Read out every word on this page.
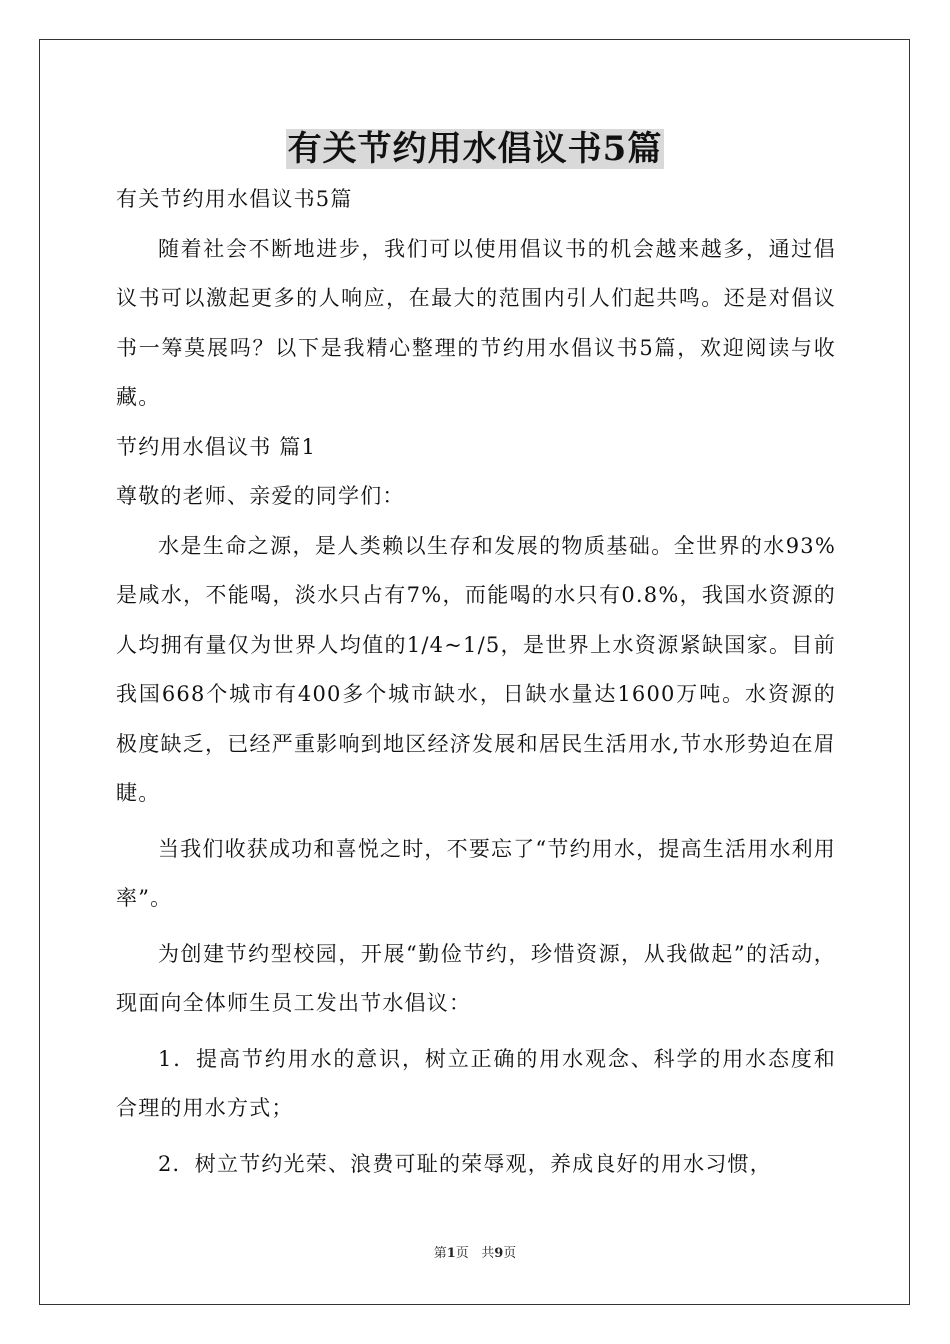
有关节约用水倡议书5篇

有关节约用水倡议书5篇

随着社会不断地进步，我们可以使用倡议书的机会越来越多，通过倡议书可以激起更多的人响应，在最大的范围内引人们起共鸣。还是对倡议书一筹莫展吗？以下是我精心整理的节约用水倡议书5篇，欢迎阅读与收藏。

节约用水倡议书 篇1

尊敬的老师、亲爱的同学们：

水是生命之源，是人类赖以生存和发展的物质基础。全世界的水93%是咸水，不能喝，淡水只占有7%，而能喝的水只有0.8%，我国水资源的人均拥有量仅为世界人均值的1/4~1/5，是世界上水资源紧缺国家。目前我国668个城市有400多个城市缺水，日缺水量达1600万吨。水资源的极度缺乏，已经严重影响到地区经济发展和居民生活用水,节水形势迫在眉睫。

当我们收获成功和喜悦之时，不要忘了“节约用水，提高生活用水利用率”。

为创建节约型校园，开展“勤俭节约，珍惜资源，从我做起”的活动，现面向全体师生员工发出节水倡议：

1．提高节约用水的意识，树立正确的用水观念、科学的用水态度和合理的用水方式；

2．树立节约光荣、浪费可耻的荣辱观，养成良好的用水习惯，

第1页 共9页
